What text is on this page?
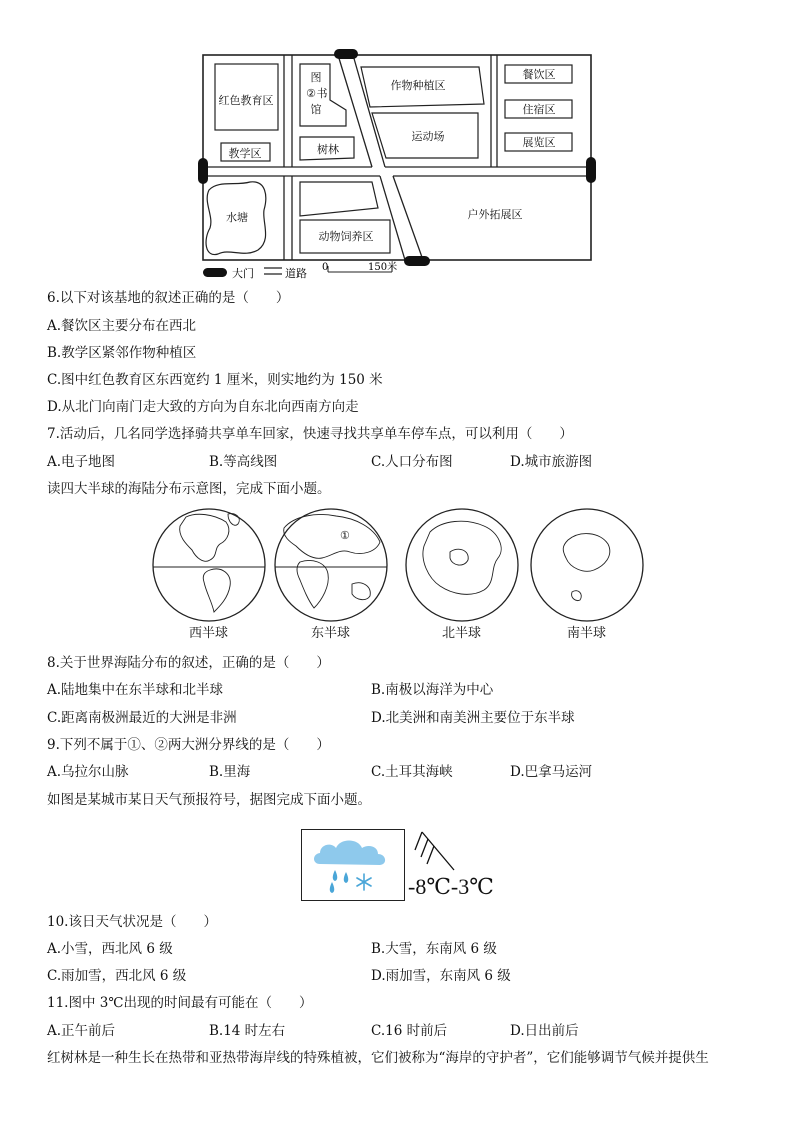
红色教育区
教学区
图
② 书
馆
树林
作物种植区
运动场
餐饮区
住宿区
展览区
水塘
动物饲养区
户外拓展区
大门	道路 0	150米
6.以下对该基地的叙述正确的是（　　）
A.餐饮区主要分布在西北
B.教学区紧邻作物种植区
C.图中红色教育区东西宽约 1 厘米，则实地约为 150 米
D.从北门向南门走大致的方向为自东北向西南方向走
7.活动后，几名同学选择骑共享单车回家，快速寻找共享单车停车点，可以利用（　　）
A.电子地图	B.等高线图	C.人口分布图	D.城市旅游图
读四大半球的海陆分布示意图，完成下面小题。
①
西半球	东半球	北半球	南半球
8.关于世界海陆分布的叙述，正确的是（　　）
A.陆地集中在东半球和北半球	B.南极以海洋为中心
C.距离南极洲最近的大洲是非洲	D.北美洲和南美洲主要位于东半球
9.下列不属于①、②两大洲分界线的是（　　）
A.乌拉尔山脉	B.里海	C.土耳其海峡	D.巴拿马运河
如图是某城市某日天气预报符号，据图完成下面小题。
-8℃-3℃
10.该日天气状况是（　　）
A.小雪，西北风 6 级	B.大雪，东南风 6 级
C.雨加雪，西北风 6 级	D.雨加雪，东南风 6 级
11.图中 3℃出现的时间最有可能在（　　）
A.正午前后	B.14 时左右	C.16 时前后	D.日出前后
红树林是一种生长在热带和亚热带海岸线的特殊植被，它们被称为“海岸的守护者”，它们能够调节气候并提供生
